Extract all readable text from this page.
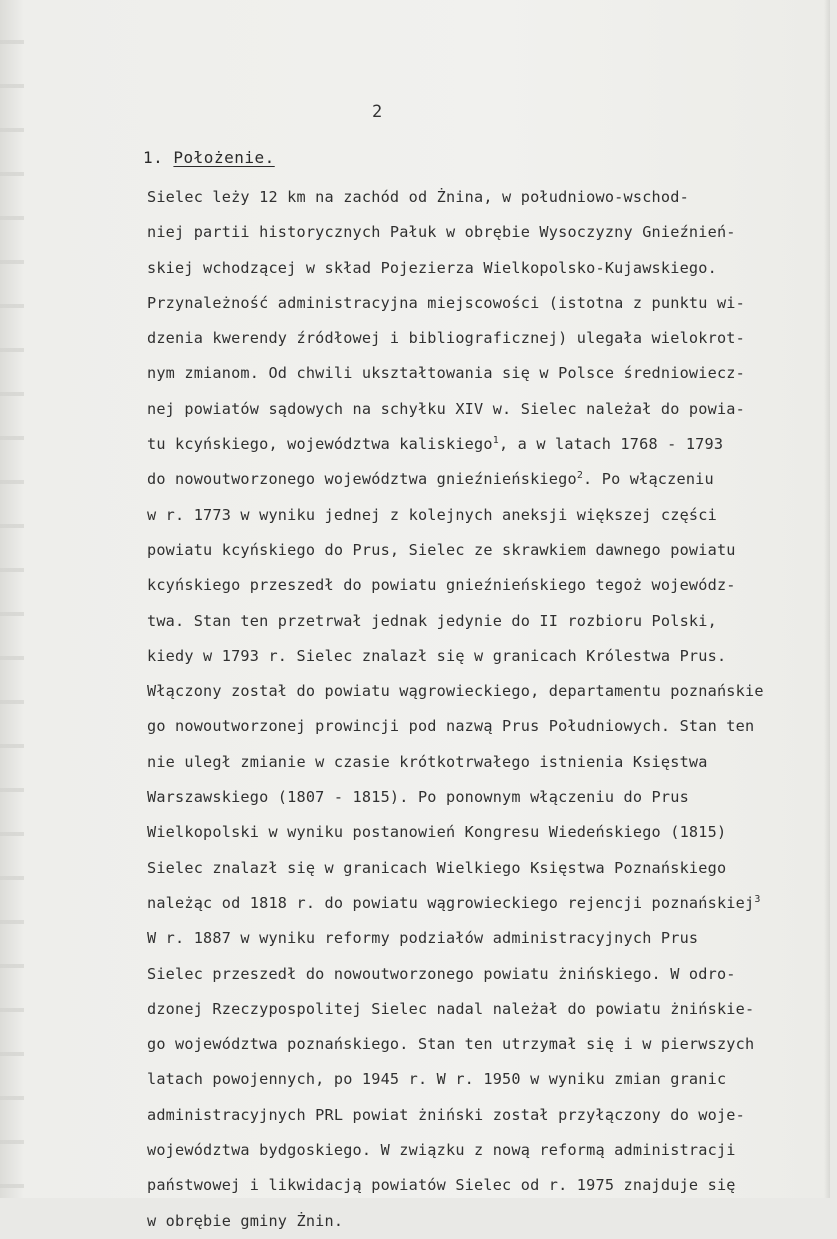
2
1. Położenie.
Sielec leży 12 km na zachód od Żnina, w południowo-wschod-
niej partii historycznych Pałuk w obrębie Wysoczyzny Gnieźnień-
skiej wchodzącej w skład Pojezierza Wielkopolsko-Kujawskiego.
Przynależność administracyjna miejscowości (istotna z punktu wi-
dzenia kwerendy źródłowej i bibliograficznej) ulegała wielokrot-
nym zmianom. Od chwili ukształtowania się w Polsce średniowiecz-
nej powiatów sądowych na schyłku XIV w. Sielec należał do powia-
tu kcyńskiego, województwa kaliskiego$^1$, a w latach 1768 - 1793
do nowoutworzonego województwa gnieźnieńskiego$^2$. Po włączeniu
w r. 1773 w wyniku jednej z kolejnych aneksji większej części
powiatu kcyńskiego do Prus, Sielec ze skrawkiem dawnego powiatu
kcyńskiego przeszedł do powiatu gnieźnieńskiego tegoż wojewódz-
twa. Stan ten przetrwał jednak jedynie do II rozbioru Polski,
kiedy w 1793 r. Sielec znalazł się w granicach Królestwa Prus.
Włączony został do powiatu wągrowieckiego, departamentu poznańskie
go nowoutworzonej prowincji pod nazwą Prus Południowych. Stan ten
nie uległ zmianie w czasie krótkotrwałego istnienia Księstwa
Warszawskiego (1807 - 1815). Po ponownym włączeniu do Prus
Wielkopolski w wyniku postanowień Kongresu Wiedeńskiego (1815)
Sielec znalazł się w granicach Wielkiego Księstwa Poznańskiego
należąc od 1818 r. do powiatu wągrowieckiego rejencji poznańskiej$^3$
W r. 1887 w wyniku reformy podziałów administracyjnych Prus
Sielec przeszedł do nowoutworzonego powiatu żnińskiego. W odro-
dzonej Rzeczypospolitej Sielec nadal należał do powiatu żnińskie-
go województwa poznańskiego. Stan ten utrzymał się i w pierwszych
latach powojennych, po 1945 r. W r. 1950 w wyniku zmian granic
administracyjnych PRL powiat żniński został przyłączony do woje-
województwa bydgoskiego. W związku z nową reformą administracji
państwowej i likwidacją powiatów Sielec od r. 1975 znajduje się
w obrębie gminy Żnin.
